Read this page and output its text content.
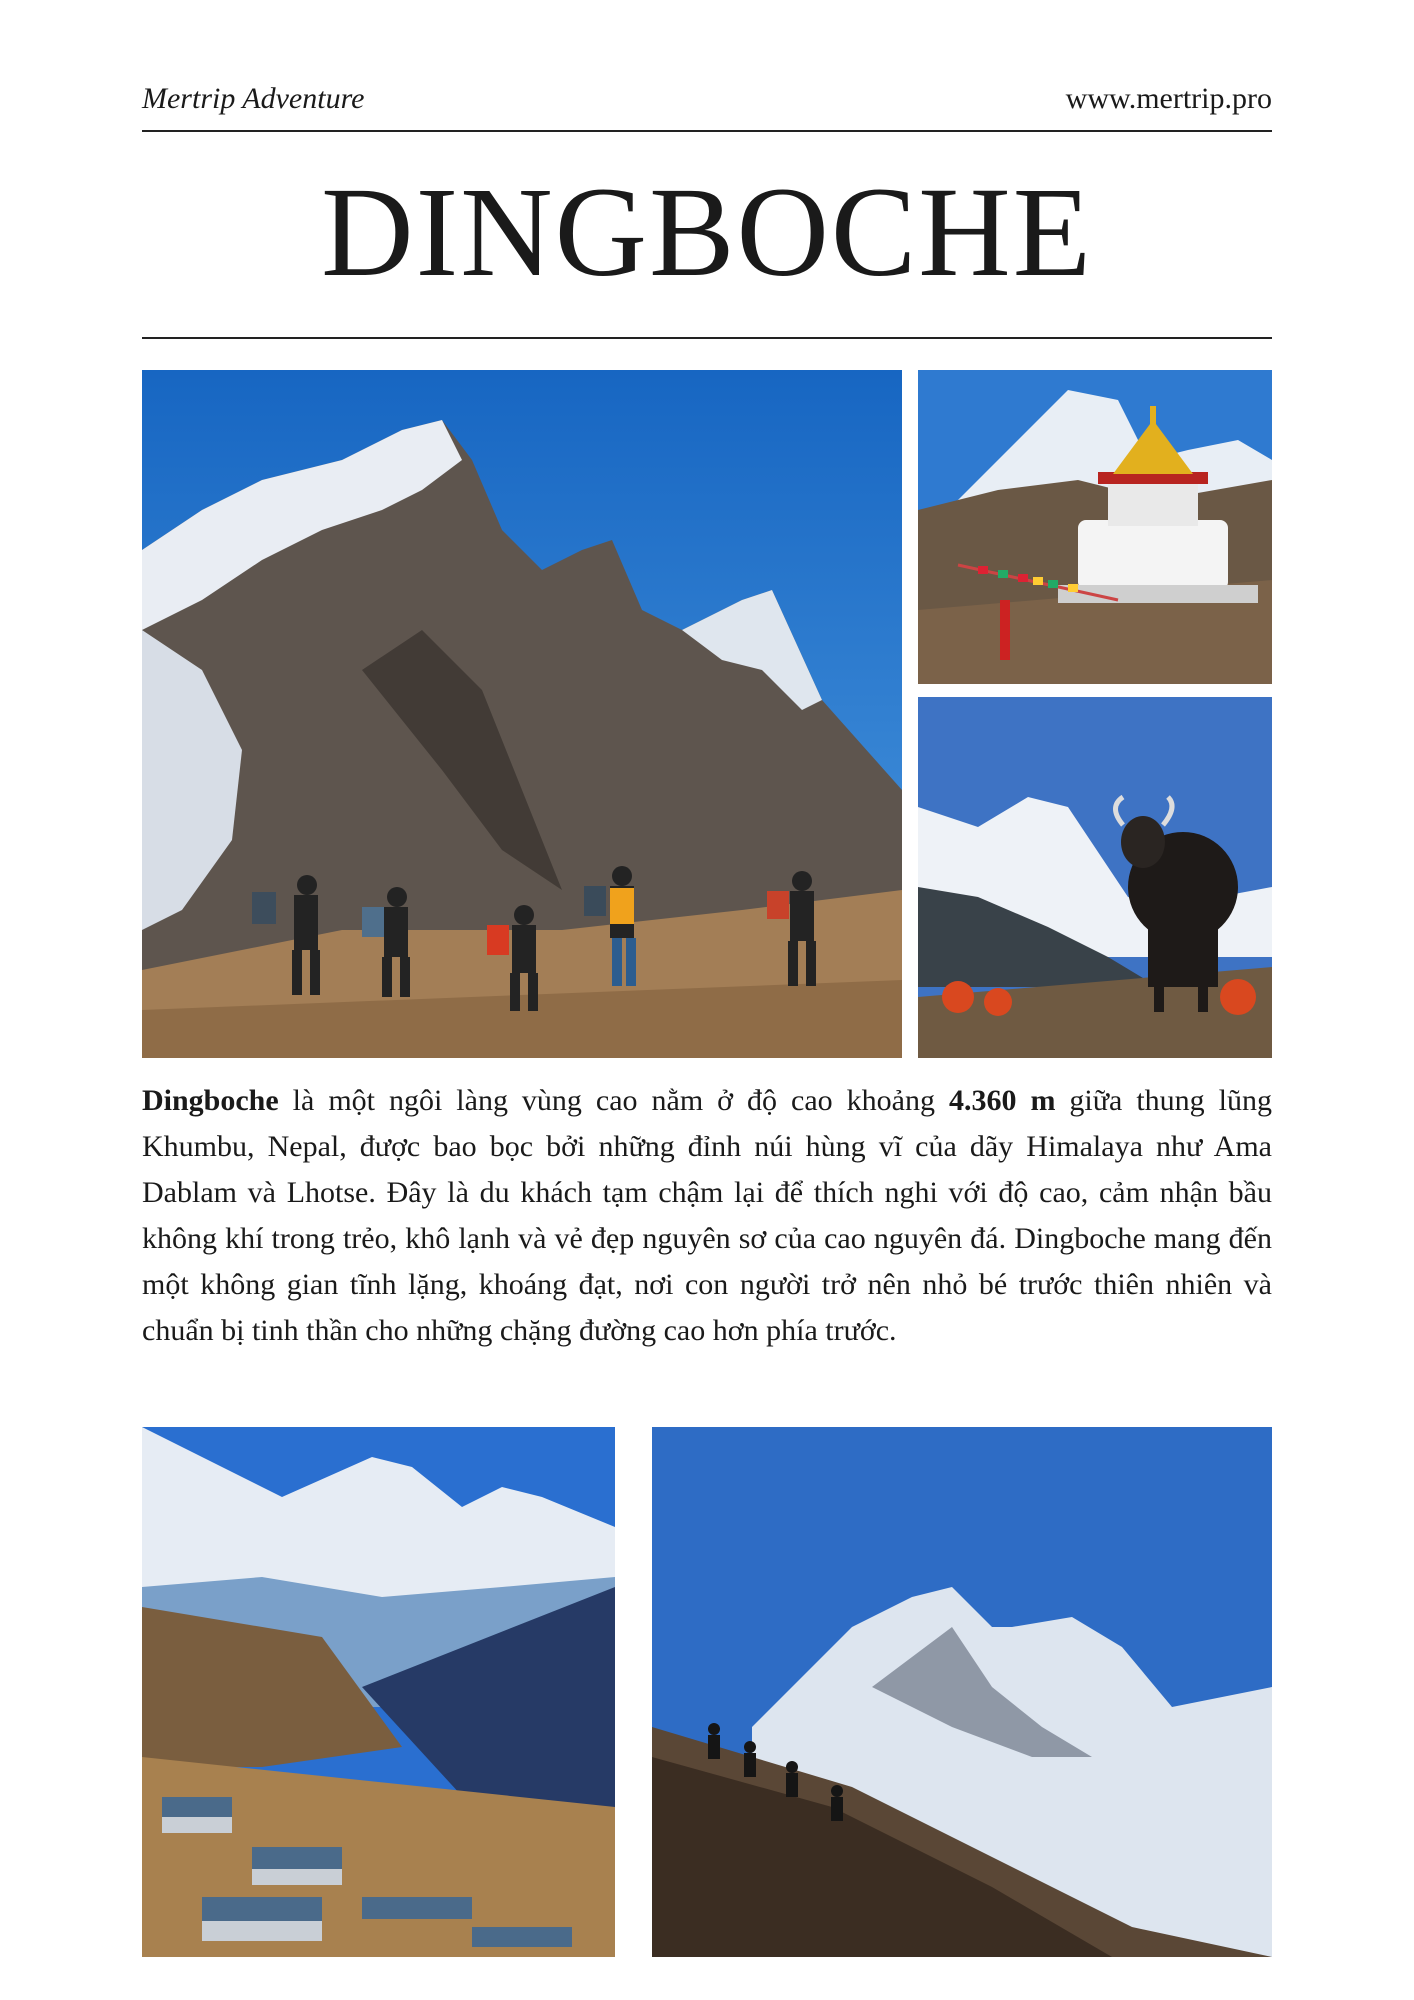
Mertrip Adventure	www.mertrip.pro
DINGBOCHE
Dingboche là một ngôi làng vùng cao nằm ở độ cao khoảng 4.360 m giữa thung lũng Khumbu, Nepal, được bao bọc bởi những đỉnh núi hùng vĩ của dãy Himalaya như Ama Dablam và Lhotse. Đây là du khách tạm chậm lại để thích nghi với độ cao, cảm nhận bầu không khí trong trẻo, khô lạnh và vẻ đẹp nguyên sơ của cao nguyên đá. Dingboche mang đến một không gian tĩnh lặng, khoáng đạt, nơi con người trở nên nhỏ bé trước thiên nhiên và chuẩn bị tinh thần cho những chặng đường cao hơn phía trước.
